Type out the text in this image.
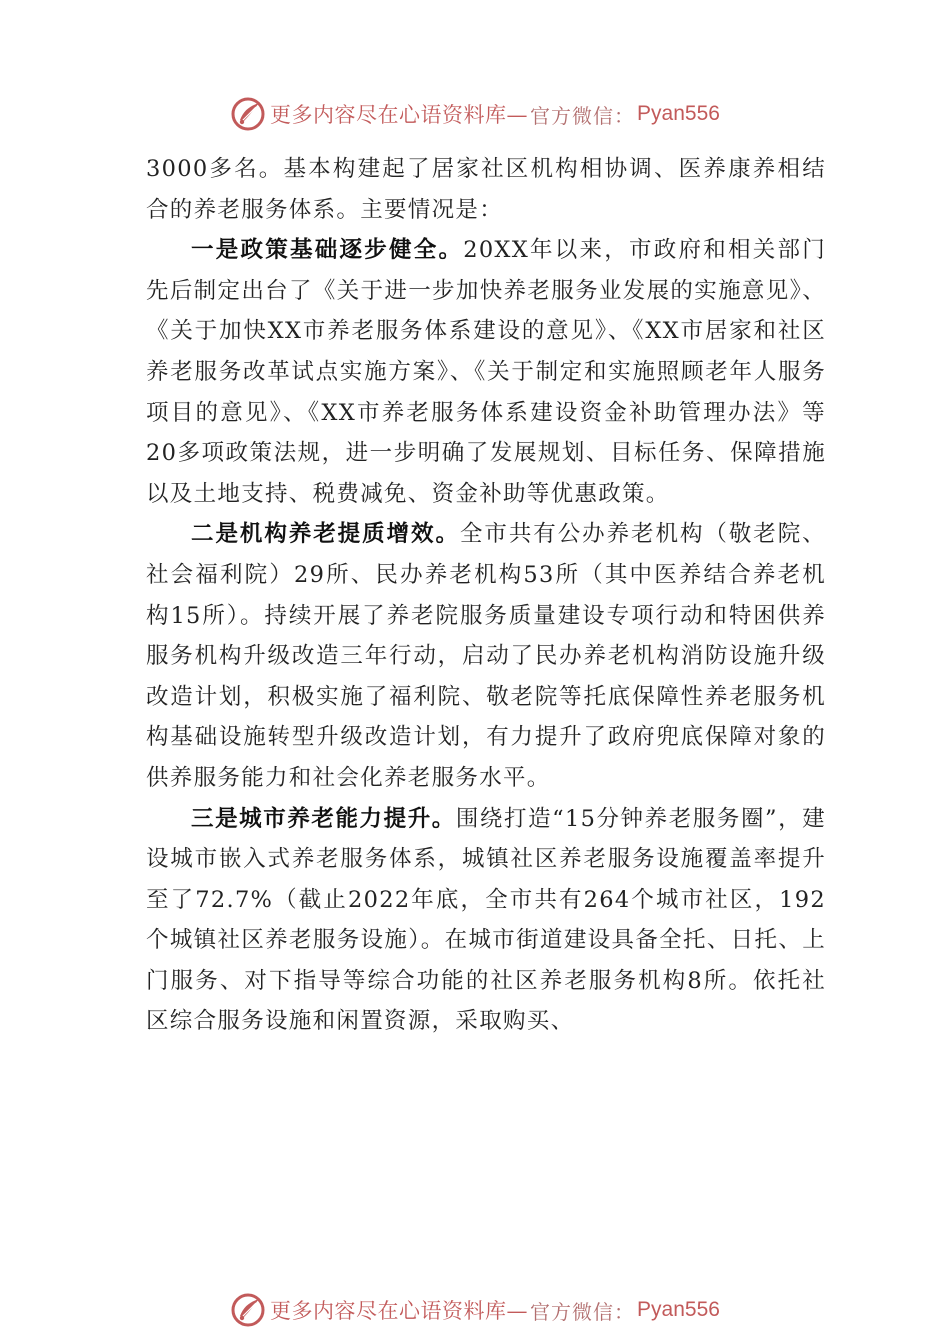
更多内容尽在心语资料库— 官方微信： Pyan556

3000多名。基本构建起了居家社区机构相协调、医养康养相结合的养老服务体系。主要情况是：

一是政策基础逐步健全。20XX年以来，市政府和相关部门先后制定出台了《关于进一步加快养老服务业发展的实施意见》、《关于加快XX市养老服务体系建设的意见》、《XX市居家和社区养老服务改革试点实施方案》、《关于制定和实施照顾老年人服务项目的意见》、《XX市养老服务体系建设资金补助管理办法》等20多项政策法规，进一步明确了发展规划、目标任务、保障措施以及土地支持、税费减免、资金补助等优惠政策。

二是机构养老提质增效。全市共有公办养老机构（敬老院、社会福利院）29所、民办养老机构53所（其中医养结合养老机构15所）。持续开展了养老院服务质量建设专项行动和特困供养服务机构升级改造三年行动，启动了民办养老机构消防设施升级改造计划，积极实施了福利院、敬老院等托底保障性养老服务机构基础设施转型升级改造计划，有力提升了政府兜底保障对象的供养服务能力和社会化养老服务水平。

三是城市养老能力提升。围绕打造“15分钟养老服务圈”，建设城市嵌入式养老服务体系，城镇社区养老服务设施覆盖率提升至了72.7%（截止2022年底，全市共有264个城市社区，192个城镇社区养老服务设施）。在城市街道建设具备全托、日托、上门服务、对下指导等综合功能的社区养老服务机构8所。依托社区综合服务设施和闲置资源，采取购买、

更多内容尽在心语资料库— 官方微信： Pyan556
